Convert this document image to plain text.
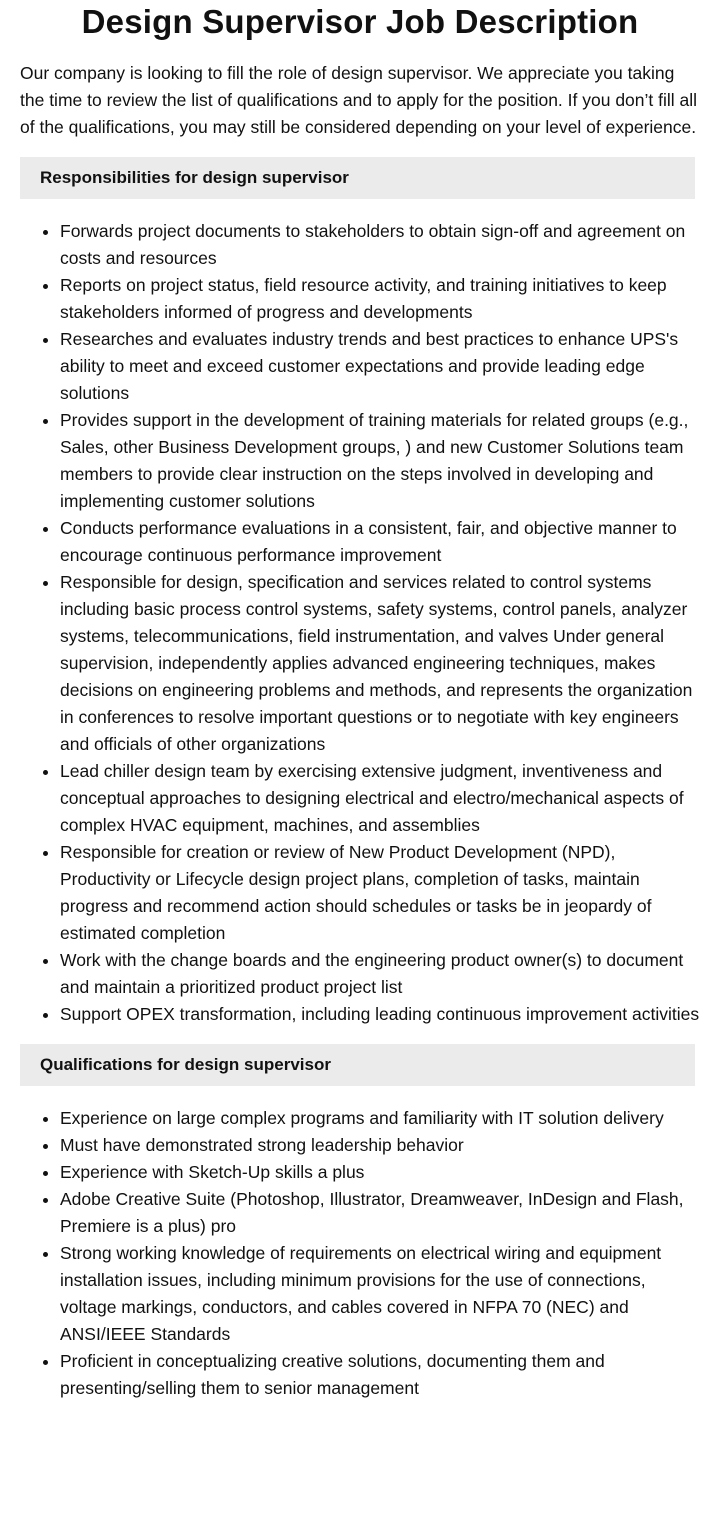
Design Supervisor Job Description

Our company is looking to fill the role of design supervisor. We appreciate you taking the time to review the list of qualifications and to apply for the position. If you don’t fill all of the qualifications, you may still be considered depending on your level of experience.

Responsibilities for design supervisor
• Forwards project documents to stakeholders to obtain sign-off and agreement on costs and resources
• Reports on project status, field resource activity, and training initiatives to keep stakeholders informed of progress and developments
• Researches and evaluates industry trends and best practices to enhance UPS's ability to meet and exceed customer expectations and provide leading edge solutions
• Provides support in the development of training materials for related groups (e.g., Sales, other Business Development groups, ) and new Customer Solutions team members to provide clear instruction on the steps involved in developing and implementing customer solutions
• Conducts performance evaluations in a consistent, fair, and objective manner to encourage continuous performance improvement
• Responsible for design, specification and services related to control systems including basic process control systems, safety systems, control panels, analyzer systems, telecommunications, field instrumentation, and valves Under general supervision, independently applies advanced engineering techniques, makes decisions on engineering problems and methods, and represents the organization in conferences to resolve important questions or to negotiate with key engineers and officials of other organizations
• Lead chiller design team by exercising extensive judgment, inventiveness and conceptual approaches to designing electrical and electro/mechanical aspects of complex HVAC equipment, machines, and assemblies
• Responsible for creation or review of New Product Development (NPD), Productivity or Lifecycle design project plans, completion of tasks, maintain progress and recommend action should schedules or tasks be in jeopardy of estimated completion
• Work with the change boards and the engineering product owner(s) to document and maintain a prioritized product project list
• Support OPEX transformation, including leading continuous improvement activities
Qualifications for design supervisor
• Experience on large complex programs and familiarity with IT solution delivery
• Must have demonstrated strong leadership behavior
• Experience with Sketch-Up skills a plus
• Adobe Creative Suite (Photoshop, Illustrator, Dreamweaver, InDesign and Flash, Premiere is a plus) pro
• Strong working knowledge of requirements on electrical wiring and equipment installation issues, including minimum provisions for the use of connections, voltage markings, conductors, and cables covered in NFPA 70 (NEC) and ANSI/IEEE Standards
• Proficient in conceptualizing creative solutions, documenting them and presenting/selling them to senior management
